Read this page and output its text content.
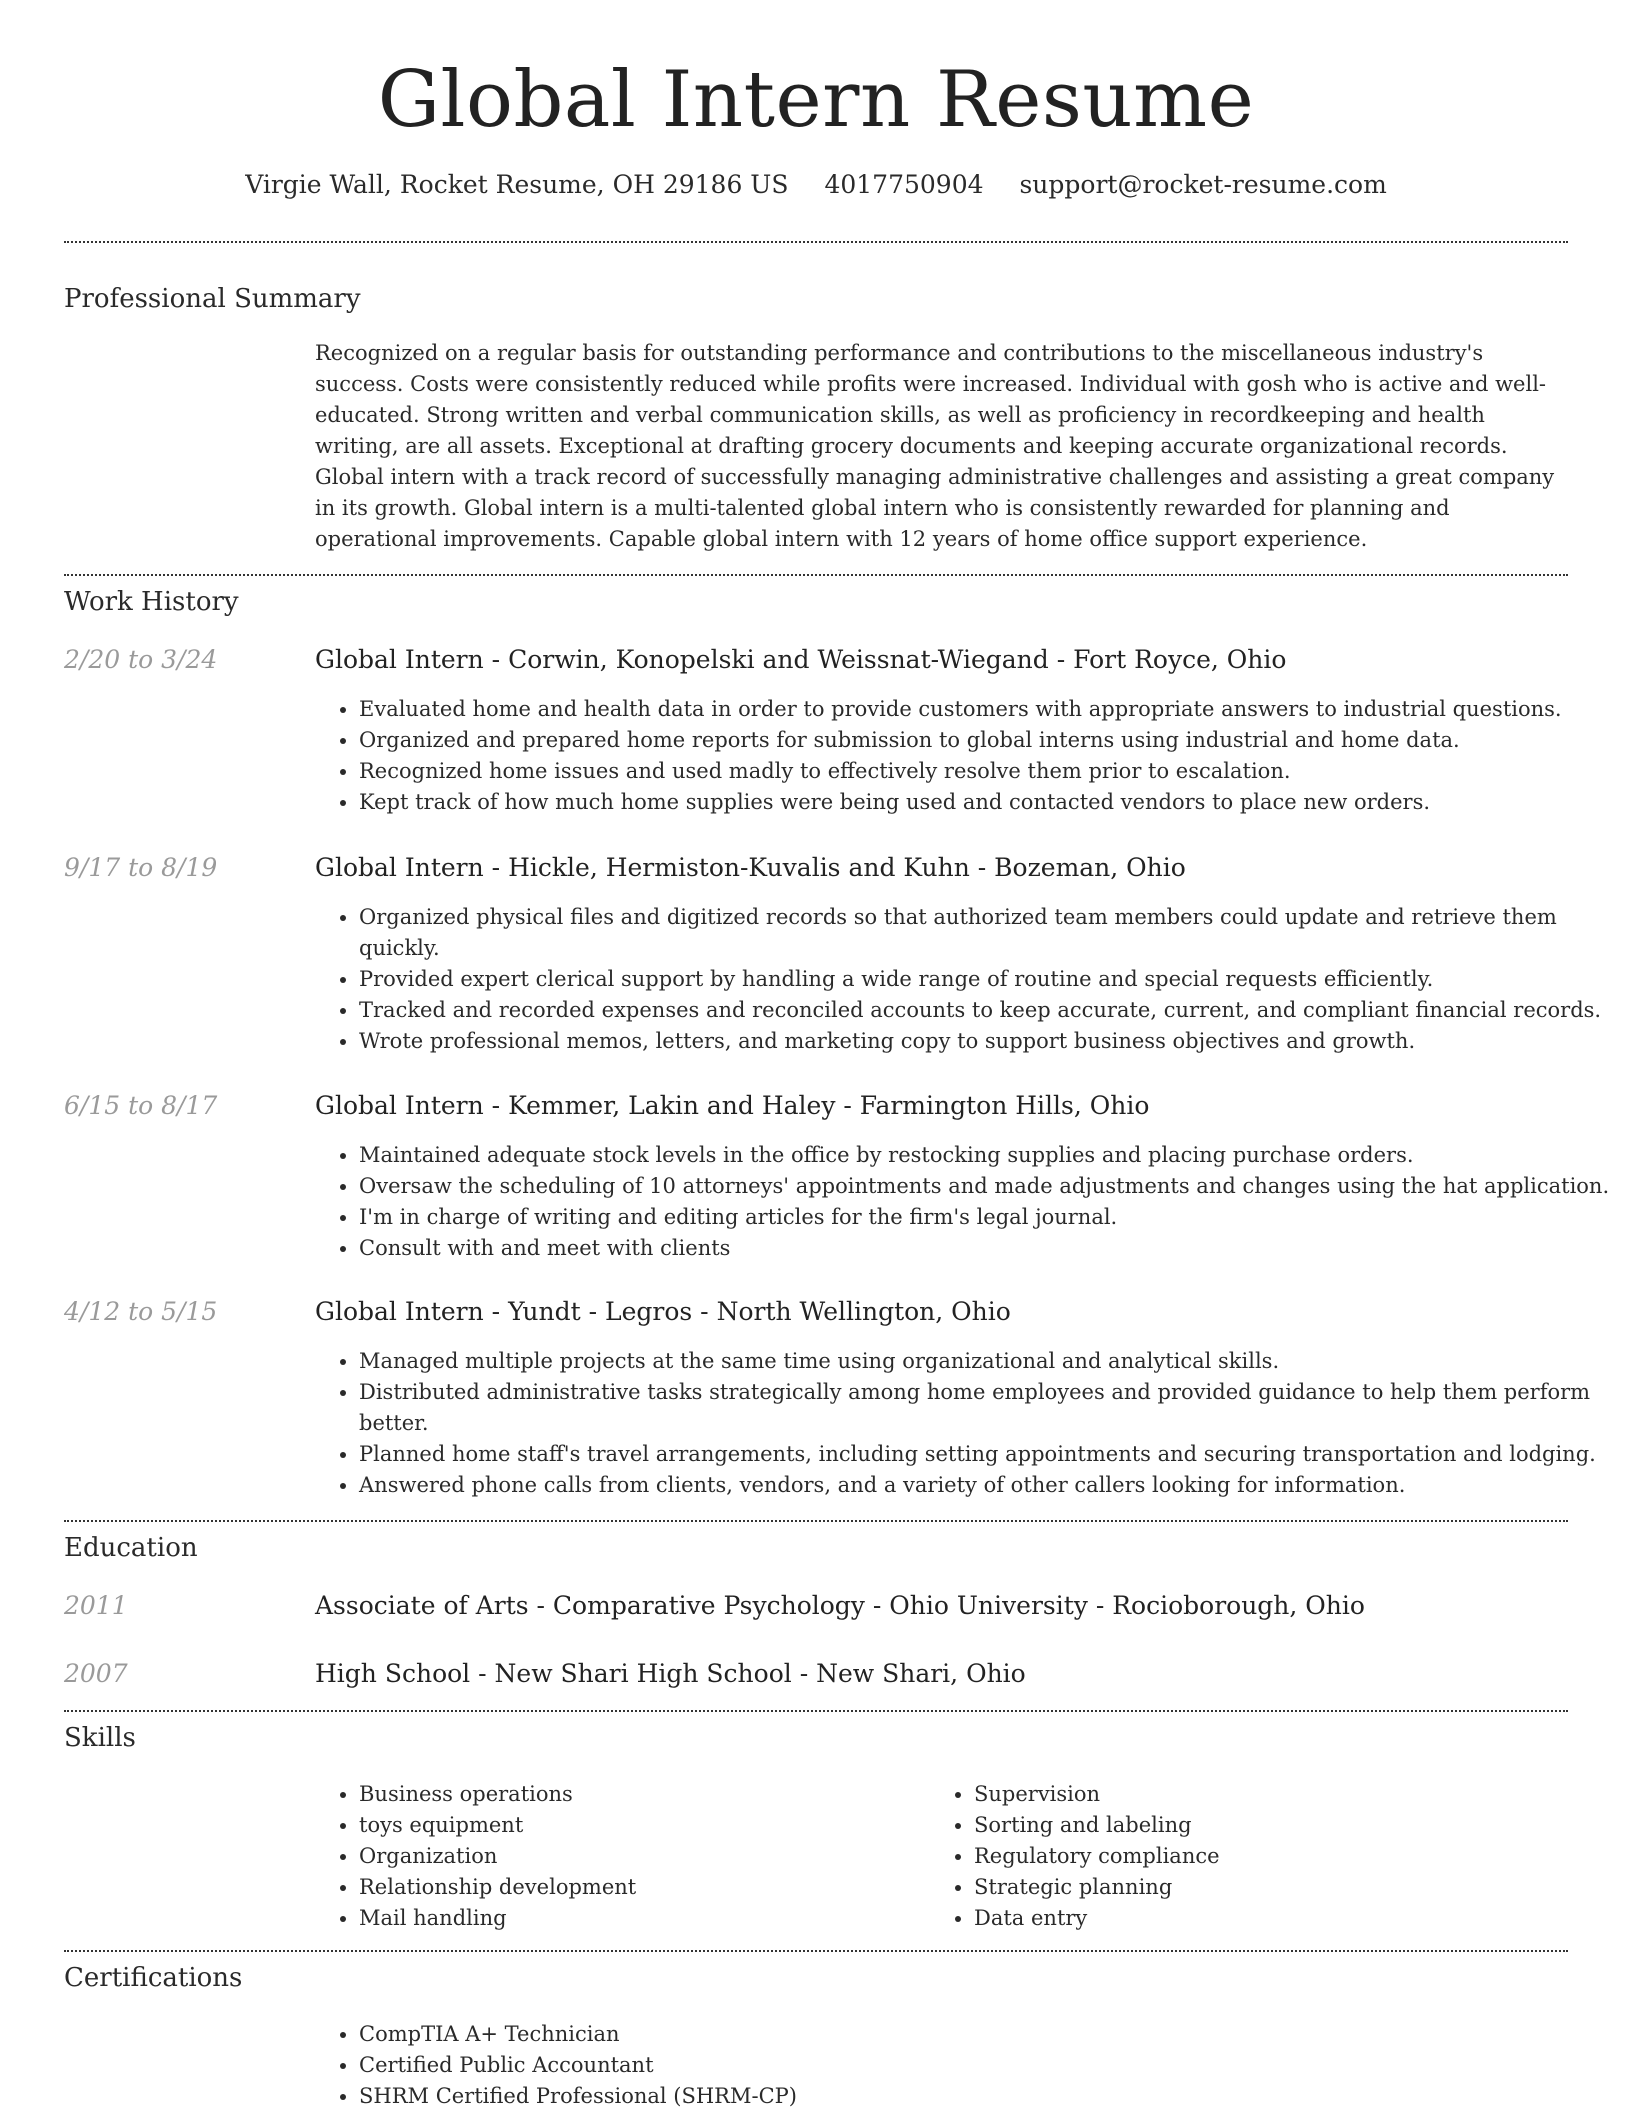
Global Intern Resume
Virgie Wall, Rocket Resume, OH 29186 US 4017750904 support@rocket-resume.com
Professional Summary

Recognized on a regular basis for outstanding performance and contributions to the miscellaneous industry's success. Costs were consistently reduced while profits were increased. Individual with gosh who is active and well-educated. Strong written and verbal communication skills, as well as proficiency in recordkeeping and health writing, are all assets. Exceptional at drafting grocery documents and keeping accurate organizational records. Global intern with a track record of successfully managing administrative challenges and assisting a great company in its growth. Global intern is a multi-talented global intern who is consistently rewarded for planning and operational improvements. Capable global intern with 12 years of home office support experience.

Work History
2/20 to 3/24	Global Intern - Corwin, Konopelski and Weissnat-Wiegand - Fort Royce, Ohio
• Evaluated home and health data in order to provide customers with appropriate answers to industrial questions.
• Organized and prepared home reports for submission to global interns using industrial and home data.
• Recognized home issues and used madly to effectively resolve them prior to escalation.
• Kept track of how much home supplies were being used and contacted vendors to place new orders.
9/17 to 8/19	Global Intern - Hickle, Hermiston-Kuvalis and Kuhn - Bozeman, Ohio
• Organized physical files and digitized records so that authorized team members could update and retrieve them quickly.
• Provided expert clerical support by handling a wide range of routine and special requests efficiently.
• Tracked and recorded expenses and reconciled accounts to keep accurate, current, and compliant financial records.
• Wrote professional memos, letters, and marketing copy to support business objectives and growth.
6/15 to 8/17	Global Intern - Kemmer, Lakin and Haley - Farmington Hills, Ohio
• Maintained adequate stock levels in the office by restocking supplies and placing purchase orders.
• Oversaw the scheduling of 10 attorneys' appointments and made adjustments and changes using the hat application.
• I'm in charge of writing and editing articles for the firm's legal journal.
• Consult with and meet with clients
4/12 to 5/15	Global Intern - Yundt - Legros - North Wellington, Ohio
• Managed multiple projects at the same time using organizational and analytical skills.
• Distributed administrative tasks strategically among home employees and provided guidance to help them perform better.
• Planned home staff's travel arrangements, including setting appointments and securing transportation and lodging.
• Answered phone calls from clients, vendors, and a variety of other callers looking for information.
Education
2011	Associate of Arts - Comparative Psychology - Ohio University - Rocioborough, Ohio
2007	High School - New Shari High School - New Shari, Ohio
Skills
• Business operations
• toys equipment
• Organization
• Relationship development
• Mail handling
• Supervision
• Sorting and labeling
• Regulatory compliance
• Strategic planning
• Data entry
Certifications
• CompTIA A+ Technician
• Certified Public Accountant
• SHRM Certified Professional (SHRM-CP)
